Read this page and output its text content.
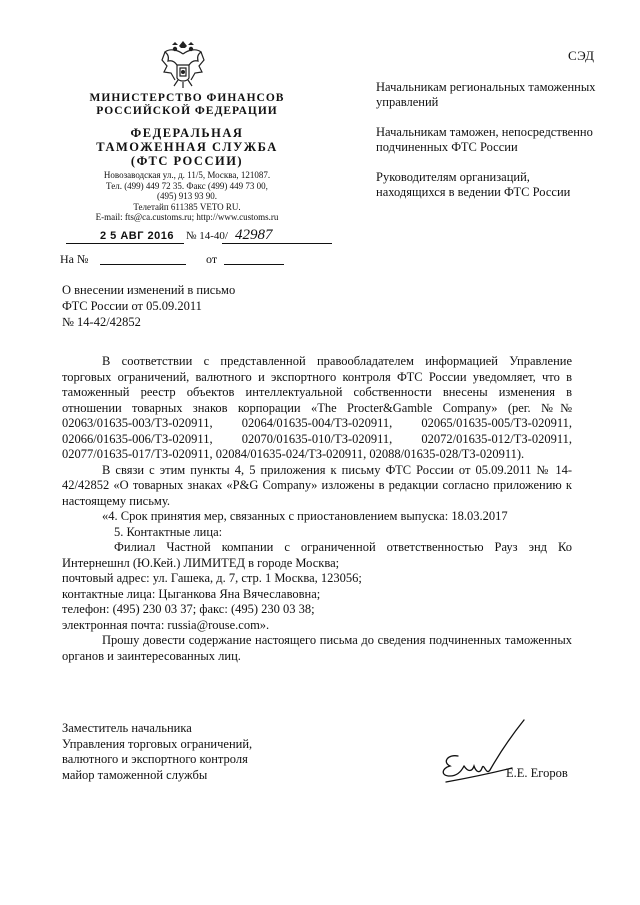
СЭД
МИНИСТЕРСТВО ФИНАНСОВ
РОССИЙСКОЙ ФЕДЕРАЦИИ
ФЕДЕРАЛЬНАЯ
ТАМОЖЕННАЯ СЛУЖБА
(ФТС РОССИИ)
Новозаводская ул., д. 11/5, Москва, 121087.
Тел. (499) 449 72 35. Факс (499) 449 73 00,
(495) 913 93 90.
Телетайп 611385 VETO RU.
E-mail: fts@ca.customs.ru; http://www.customs.ru
2 5 АВГ 2016 № 14-40/ 42987
На №	от

Начальникам региональных таможенных управлений

Начальникам таможен, непосредственно подчиненных ФТС России

Руководителям организаций, находящихся в ведении ФТС России

О внесении изменений в письмо
ФТС России от 05.09.2011
№ 14-42/42852

В соответствии с представленной правообладателем информацией Управление торговых ограничений, валютного и экспортного контроля ФТС России уведомляет, что в таможенный реестр объектов интеллектуальной собственности внесены изменения в отношении товарных знаков корпорации «The Procter&Gamble Company» (рег. №№ 02063/01635-003/ТЗ-020911, 02064/01635-004/ТЗ-020911, 02065/01635-005/ТЗ-020911, 02066/01635-006/ТЗ-020911, 02070/01635-010/ТЗ-020911, 02072/01635-012/ТЗ-020911, 02077/01635-017/ТЗ-020911, 02084/01635-024/ТЗ-020911, 02088/01635-028/ТЗ-020911).

В связи с этим пункты 4, 5 приложения к письму ФТС России от 05.09.2011 № 14-42/42852 «О товарных знаках «P&G Company» изложены в редакции согласно приложению к настоящему письму.

«4. Срок принятия мер, связанных с приостановлением выпуска: 18.03.2017

5. Контактные лица:

Филиал Частной компании с ограниченной ответственностью Рауз энд Ко Интернешнл (Ю.Кей.) ЛИМИТЕД в городе Москва;

почтовый адрес: ул. Гашека, д. 7, стр. 1 Москва, 123056;

контактные лица: Цыганкова Яна Вячеславовна;

телефон: (495) 230 03 37; факс: (495) 230 03 38;

электронная почта: russia@rouse.com».

Прошу довести содержание настоящего письма до сведения подчиненных таможенных органов и заинтересованных лиц.

Заместитель начальника
Управления торговых ограничений,
валютного и экспортного контроля
майор таможенной службы	Е.Е. Егоров
